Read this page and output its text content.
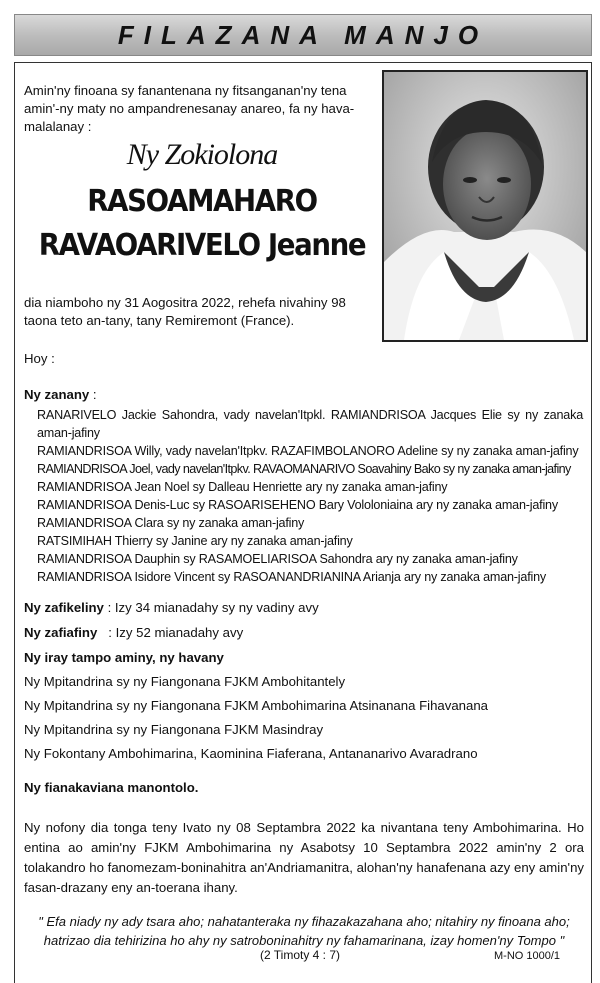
FILAZANA MANJO
Amin'ny finoana sy fanantenana ny fitsanganan'ny tena amin'-ny maty no ampandrenesanay anareo, fa ny hava-malalanay :
Ny Zokiolona
RASOAMAHARO
RAVAOARIVELO Jeanne
dia niamboho ny 31 Aogositra 2022, rehefa nivahiny 98 taona teto an-tany, tany Remiremont (France).
Hoy :
Ny zanany :
RANARIVELO Jackie Sahondra, vady navelan'Itpkl. RAMIANDRISOA Jacques Elie sy ny zanaka aman-jafiny
RAMIANDRISOA Willy, vady navelan'Itpkv. RAZAFIMBOLANORO Adeline sy ny zanaka aman-jafiny
RAMIANDRISOA Joel, vady navelan'Itpkv. RAVAOMANARIVO Soavahiny Bako sy ny zanaka aman-jafiny
RAMIANDRISOA Jean Noel sy Dalleau Henriette ary ny zanaka aman-jafiny
RAMIANDRISOA Denis-Luc sy RASOARISEHENO Bary Vololoniaina ary ny zanaka aman-jafiny
RAMIANDRISOA Clara sy ny zanaka aman-jafiny
RATSIMIHAH Thierry sy Janine ary ny zanaka aman-jafiny
RAMIANDRISOA Dauphin sy RASAMOELIARISOA Sahondra ary ny zanaka aman-jafiny
RAMIANDRISOA Isidore Vincent sy RASOANANDRIANINA Arianja ary ny zanaka aman-jafiny
Ny zafikeliny : Izy 34 mianadahy sy ny vadiny avy
Ny zafiafiny   : Izy 52 mianadahy avy
Ny iray tampo aminy, ny havany
Ny Mpitandrina sy ny Fiangonana FJKM Ambohitantely
Ny Mpitandrina sy ny Fiangonana FJKM Ambohimarina Atsinanana Fihavanana
Ny Mpitandrina sy ny Fiangonana FJKM Masindray
Ny Fokontany Ambohimarina, Kaominina Fiaferana, Antananarivo Avaradrano
Ny fianakaviana manontolo.
Ny nofony dia tonga teny Ivato ny 08 Septambra 2022 ka nivantana teny Ambohimarina. Ho entina ao amin'ny FJKM Ambohimarina ny Asabotsy 10 Septambra 2022 amin'ny 2 ora tolakandro ho fanomezam-boninahitra an'Andriamanitra, alohan'ny hanafenana azy eny amin'ny fasan-drazany eny an-toerana ihany.
" Efa niady ny ady tsara aho; nahatanteraka ny fihazakazahana aho; nitahiry ny finoana aho; hatrizao dia tehirizina ho ahy ny satroboninahitry ny fahamarinana, izay homen'ny Tompo "
(2 Timoty 4 : 7)	M-NO 1000/1
